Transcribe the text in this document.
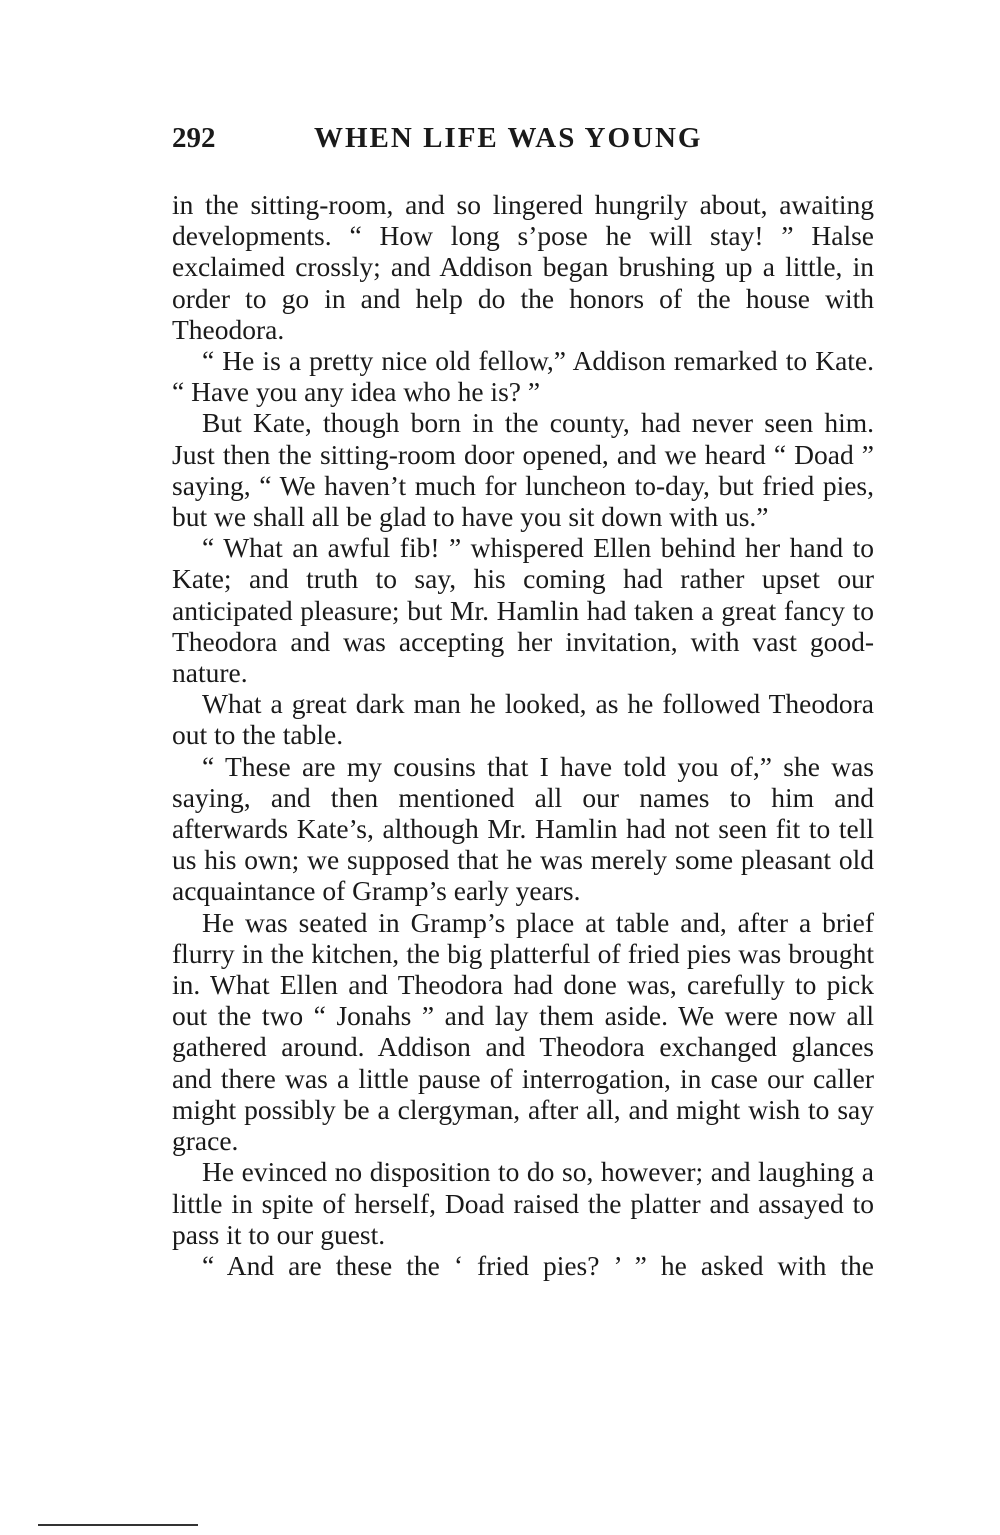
292	WHEN LIFE WAS YOUNG

in the sitting-room, and so lingered hungrily about, awaiting developments. “ How long s’pose he will stay! ” Halse exclaimed crossly; and Addison began brushing up a little, in order to go in and help do the honors of the house with Theodora.

“ He is a pretty nice old fellow,” Addison remarked to Kate. “ Have you any idea who he is? ”

But Kate, though born in the county, had never seen him. Just then the sitting-room door opened, and we heard “ Doad ” saying, “ We haven’t much for luncheon to-day, but fried pies, but we shall all be glad to have you sit down with us.”

“ What an awful fib! ” whispered Ellen behind her hand to Kate; and truth to say, his coming had rather upset our anticipated pleasure; but Mr. Hamlin had taken a great fancy to Theodora and was accepting her invitation, with vast good-nature.

What a great dark man he looked, as he followed Theodora out to the table.

“ These are my cousins that I have told you of,” she was saying, and then mentioned all our names to him and afterwards Kate’s, although Mr. Hamlin had not seen fit to tell us his own; we supposed that he was merely some pleasant old acquaintance of Gramp’s early years.

He was seated in Gramp’s place at table and, after a brief flurry in the kitchen, the big platterful of fried pies was brought in. What Ellen and Theodora had done was, carefully to pick out the two “ Jonahs ” and lay them aside. We were now all gathered around. Addison and Theodora exchanged glances and there was a little pause of interrogation, in case our caller might possibly be a clergyman, after all, and might wish to say grace.

He evinced no disposition to do so, however; and laughing a little in spite of herself, Doad raised the platter and assayed to pass it to our guest.

“ And are these the ‘ fried pies? ’ ” he asked with the
